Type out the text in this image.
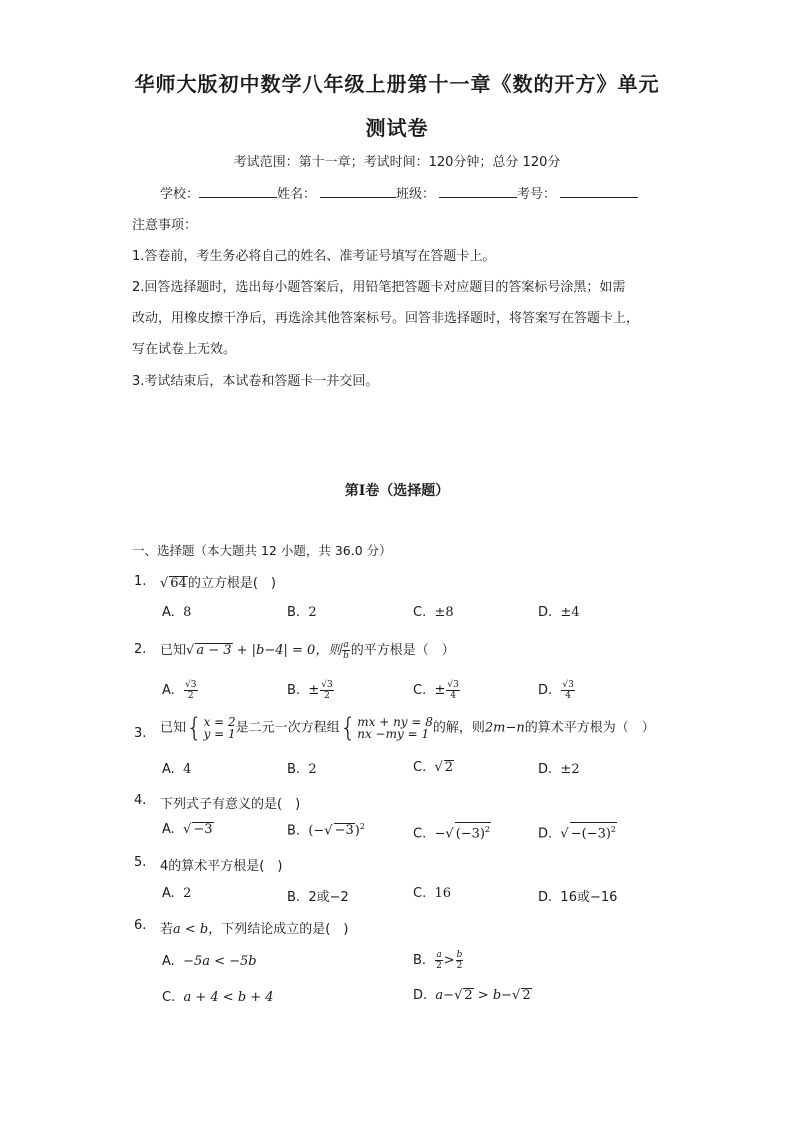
华师大版初中数学八年级上册第十一章《数的开方》单元
测试卷
考试范围：第十一章；考试时间：120分钟；总分 120分
学校：	姓名：	班级：	考号：
注意事项：
1.答卷前，考生务必将自己的姓名、准考证号填写在答题卡上。
2.回答选择题时，选出每小题答案后，用铅笔把答题卡对应题目的答案标号涂黑；如需
改动，用橡皮擦干净后，再选涂其他答案标号。回答非选择题时，将答案写在答题卡上，
写在试卷上无效。
3.考试结束后，本试卷和答题卡一并交回。
第Ⅰ卷（选择题）
一、选择题（本大题共 12 小题，共 36.0 分）
1. √ 64的立方根是(　)
A. 8	B. 2	C. ±8	D. ±4
2. 已知√ a − 3 + |b−4| = 0，则 $\frac{a}{b}$ 的平方根是（　）
A. $\frac{√3}{2}$	B. ± $\frac{√3}{2}$	C. ± $\frac{√3}{4}$	D. $\frac{√3}{4}$
3. 已知 { x = 2
y = 1 是二元一次方程组 { mx + ny = 8
nx −my = 1 的解，则2m−n的算术平方根为（　）
A. 4	B. 2	C. √ 2	D. ±2
4. 下列式子有意义的是(　)
A. √ −3	B. (−√ −3)$^2$	C. −√ $(-3)^2$	D. √ $-(-3)^2$
5. 4的算术平方根是(　)
A. 2	B. 2或−2	C. 16	D. 16或−16
6. 若a < b，下列结论成立的是(　)
A. −5a < −5b	B. $\frac{a}{2} > \frac{b}{2}$
C. a + 4 < b + 4	D. a−√ 2 > b−√ 2
